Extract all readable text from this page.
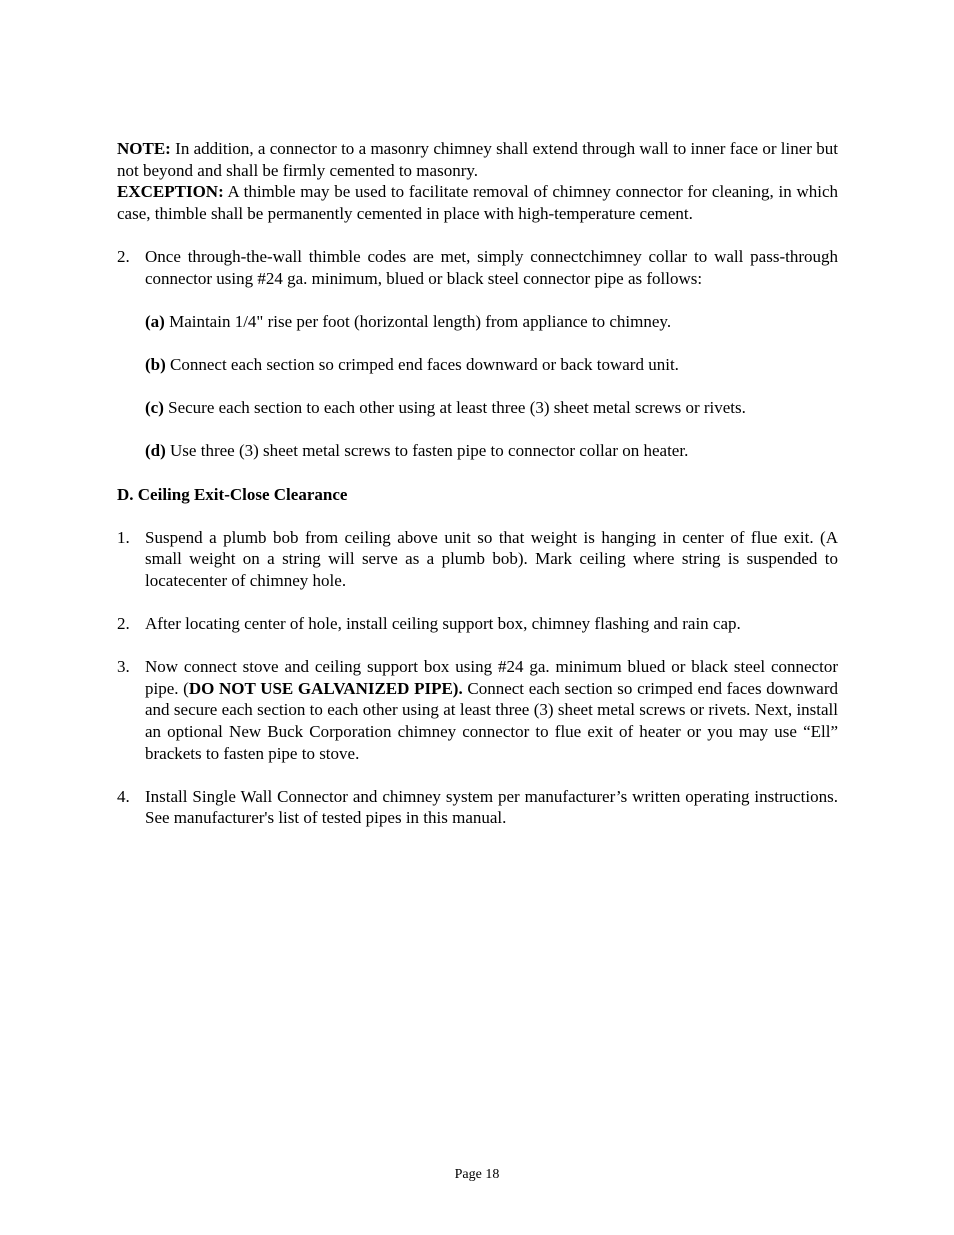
NOTE: In addition, a connector to a masonry chimney shall extend through wall to inner face or liner but not beyond and shall be firmly cemented to masonry.

EXCEPTION: A thimble may be used to facilitate removal of chimney connector for cleaning, in which case, thimble shall be permanently cemented in place with high-temperature cement.

2. Once through-the-wall thimble codes are met, simply connectchimney collar to wall pass-through connector using #24 ga. minimum, blued or black steel connector pipe as follows:

(a) Maintain 1/4" rise per foot (horizontal length) from appliance to chimney.

(b) Connect each section so crimped end faces downward or back toward unit.

(c) Secure each section to each other using at least three (3) sheet metal screws or rivets.

(d) Use three (3) sheet metal screws to fasten pipe to connector collar on heater.

D. Ceiling Exit-Close Clearance

1. Suspend a plumb bob from ceiling above unit so that weight is hanging in center of flue exit. (A small weight on a string will serve as a plumb bob). Mark ceiling where string is suspended to locatecenter of chimney hole.
2. After locating center of hole, install ceiling support box, chimney flashing and rain cap.
3. Now connect stove and ceiling support box using #24 ga. minimum blued or black steel connector pipe. (DO NOT USE GALVANIZED PIPE). Connect each section so crimped end faces downward and secure each section to each other using at least three (3) sheet metal screws or rivets. Next, install an optional New Buck Corporation chimney connector to flue exit of heater or you may use “Ell” brackets to fasten pipe to stove.
4. Install Single Wall Connector and chimney system per manufacturer’s written operating instructions. See manufacturer's list of tested pipes in this manual.
Page 18
